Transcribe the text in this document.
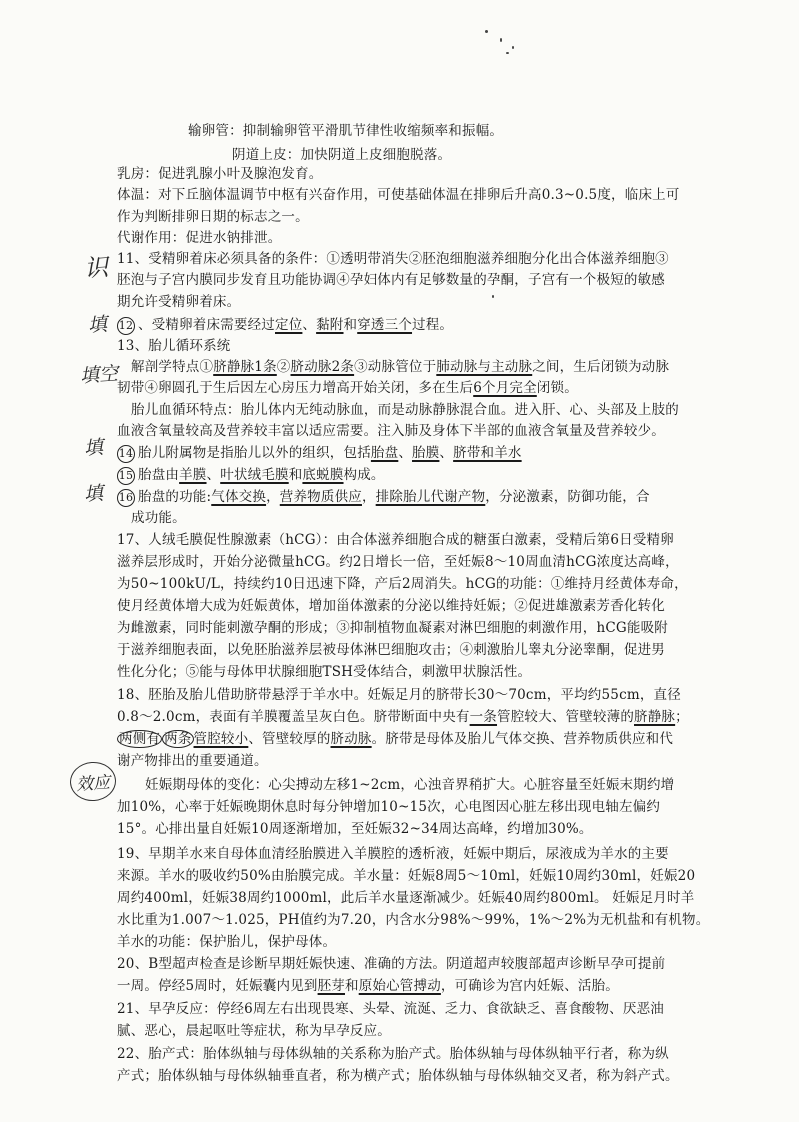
识
填
填空
填
填
效应
输卵管：抑制输卵管平滑肌节律性收缩频率和振幅。
阴道上皮：加快阴道上皮细胞脱落。
乳房：促进乳腺小叶及腺泡发育。
体温：对下丘脑体温调节中枢有兴奋作用，可使基础体温在排卵后升高0.3~0.5度，临床上可
作为判断排卵日期的标志之一。
代谢作用：促进水钠排泄。
11、受精卵着床必须具备的条件：①透明带消失②胚泡细胞滋养细胞分化出合体滋养细胞③
胚泡与子宫内膜同步发育且功能协调④孕妇体内有足够数量的孕酮，子宫有一个极短的敏感
期允许受精卵着床。
12 、受精卵着床需要经过定位、黏附和穿透三个过程。
13、胎儿循环系统
解剖学特点①脐静脉1条②脐动脉2条③动脉管位于肺动脉与主动脉之间，生后闭锁为动脉
韧带④卵圆孔于生后因左心房压力增高开始关闭，多在生后6个月完全闭锁。
胎儿血循环特点：胎儿体内无纯动脉血，而是动脉静脉混合血。进入肝、心、头部及上肢的
血液含氧量较高及营养较丰富以适应需要。注入肺及身体下半部的血液含氧量及营养较少。
14 胎儿附属物是指胎儿以外的组织，包括胎盘、胎膜、脐带和羊水
15 胎盘由羊膜、叶状绒毛膜和底蜕膜构成。
16 胎盘的功能:气体交换，营养物质供应，排除胎儿代谢产物，分泌激素，防御功能，合
成功能。
17、人绒毛膜促性腺激素（hCG）：由合体滋养细胞合成的糖蛋白激素，受精后第6日受精卵
滋养层形成时，开始分泌微量hCG。约2日增长一倍，至妊娠8～10周血清hCG浓度达高峰，
为50~100kU/L，持续约10日迅速下降，产后2周消失。hCG的功能：①维持月经黄体寿命，
使月经黄体增大成为妊娠黄体，增加甾体激素的分泌以维持妊娠；②促进雄激素芳香化转化
为雌激素，同时能刺激孕酮的形成；③抑制植物血凝素对淋巴细胞的刺激作用，hCG能吸附
于滋养细胞表面，以免胚胎滋养层被母体淋巴细胞攻击；④刺激胎儿睾丸分泌睾酮，促进男
性化分化；⑤能与母体甲状腺细胞TSH受体结合，刺激甲状腺活性。
18、胚胎及胎儿借助脐带悬浮于羊水中。妊娠足月的脐带长30～70cm，平均约55cm，直径
0.8～2.0cm，表面有羊膜覆盖呈灰白色。脐带断面中央有一条管腔较大、管壁较薄的脐静脉；
两侧有 两条 管腔较小、管壁较厚的脐动脉。脐带是母体及胎儿气体交换、营养物质供应和代
谢产物排出的重要通道。
妊娠期母体的变化：心尖搏动左移1~2cm，心浊音界稍扩大。心脏容量至妊娠末期约增
加10%，心率于妊娠晚期休息时每分钟增加10~15次，心电图因心脏左移出现电轴左偏约
15°。心排出量自妊娠10周逐渐增加，至妊娠32~34周达高峰，约增加30%。
19、早期羊水来自母体血清经胎膜进入羊膜腔的透析液，妊娠中期后，尿液成为羊水的主要
来源。羊水的吸收约50%由胎膜完成。羊水量：妊娠8周5～10ml，妊娠10周约30ml，妊娠20
周约400ml，妊娠38周约1000ml，此后羊水量逐渐减少。妊娠40周约800ml。 妊娠足月时羊
水比重为1.007～1.025，PH值约为7.20，内含水分98%～99%，1%～2%为无机盐和有机物。
羊水的功能：保护胎儿，保护母体。
20、B型超声检查是诊断早期妊娠快速、准确的方法。阴道超声较腹部超声诊断早孕可提前
一周。停经5周时，妊娠囊内见到胚芽和原始心管搏动，可确诊为宫内妊娠、活胎。
21、早孕反应：停经6周左右出现畏寒、头晕、流涎、乏力、食欲缺乏、喜食酸物、厌恶油
腻、恶心，晨起呕吐等症状，称为早孕反应。
22、胎产式：胎体纵轴与母体纵轴的关系称为胎产式。胎体纵轴与母体纵轴平行者，称为纵
产式；胎体纵轴与母体纵轴垂直者，称为横产式；胎体纵轴与母体纵轴交叉者，称为斜产式。
